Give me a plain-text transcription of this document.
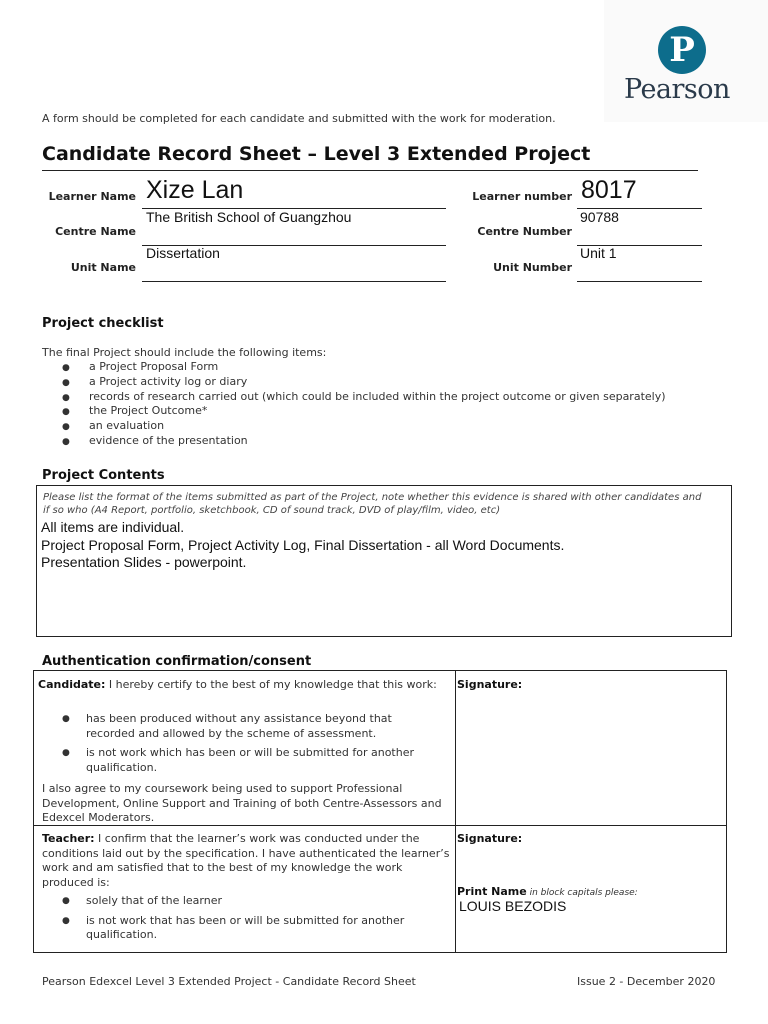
P
Pearson
A form should be completed for each candidate and submitted with the work for moderation.
Candidate Record Sheet – Level 3 Extended Project
Learner Name Xize Lan	Learner number 8017
The British School of Guangzhou
Centre Name
90788
Centre Number
Dissertation
Unit Name
Unit 1
Unit Number
Project checklist
The final Project should include the following items:
● a Project Proposal Form
● a Project activity log or diary
● records of research carried out (which could be included within the project outcome or given separately)
● the Project Outcome*
● an evaluation
● evidence of the presentation
Project Contents
Please list the format of the items submitted as part of the Project, note whether this evidence is shared with other candidates and if so who (A4 Report, portfolio, sketchbook, CD of sound track, DVD of play/film, video, etc)
All items are individual.
Project Proposal Form, Project Activity Log, Final Dissertation - all Word Documents.
Presentation Slides - powerpoint.
Authentication confirmation/consent
Candidate: I hereby certify to the best of my knowledge that this work:
● has been produced without any assistance beyond that recorded and allowed by the scheme of assessment.
● is not work which has been or will be submitted for another qualification.
I also agree to my coursework being used to support Professional Development, Online Support and Training of both Centre-Assessors and Edexcel Moderators.
Signature:
Teacher: I confirm that the learner’s work was conducted under the conditions laid out by the specification. I have authenticated the learner’s work and am satisfied that to the best of my knowledge the work produced is:
● solely that of the learner
● is not work that has been or will be submitted for another qualification.
Signature:
Print Name in block capitals please:
LOUIS BEZODIS
Pearson Edexcel Level 3 Extended Project - Candidate Record Sheet	Issue 2 - December 2020
